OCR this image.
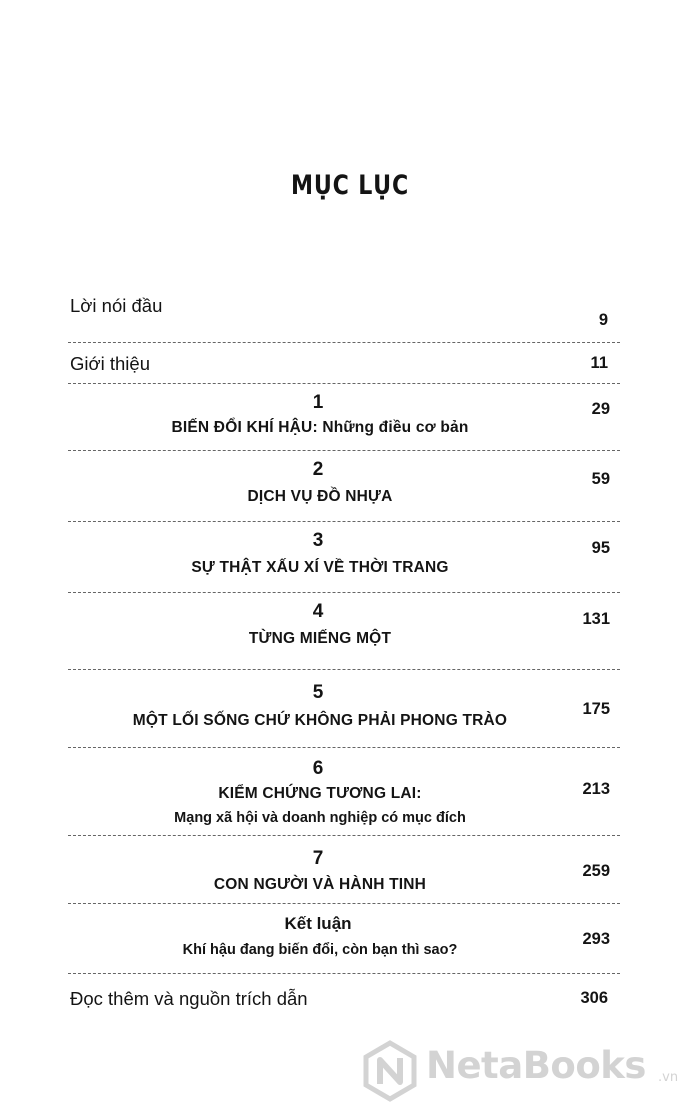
MỤC LỤC
Lời nói đầu
9
Giới thiệu	11
1
BIẾN ĐỔI KHÍ HẬU: Những điều cơ bản
29
2
DỊCH VỤ ĐỒ NHỰA
59
3
SỰ THẬT XẤU XÍ VỀ THỜI TRANG
95
4
TỪNG MIẾNG MỘT
131
5
MỘT LỐI SỐNG CHỨ KHÔNG PHẢI PHONG TRÀO
175
6
KIỂM CHỨNG TƯƠNG LAI:
Mạng xã hội và doanh nghiệp có mục đích
213
7
CON NGƯỜI VÀ HÀNH TINH
259
Kết luận
Khí hậu đang biến đổi, còn bạn thì sao?
293
Đọc thêm và nguồn trích dẫn	306
NetaBooks .vn
